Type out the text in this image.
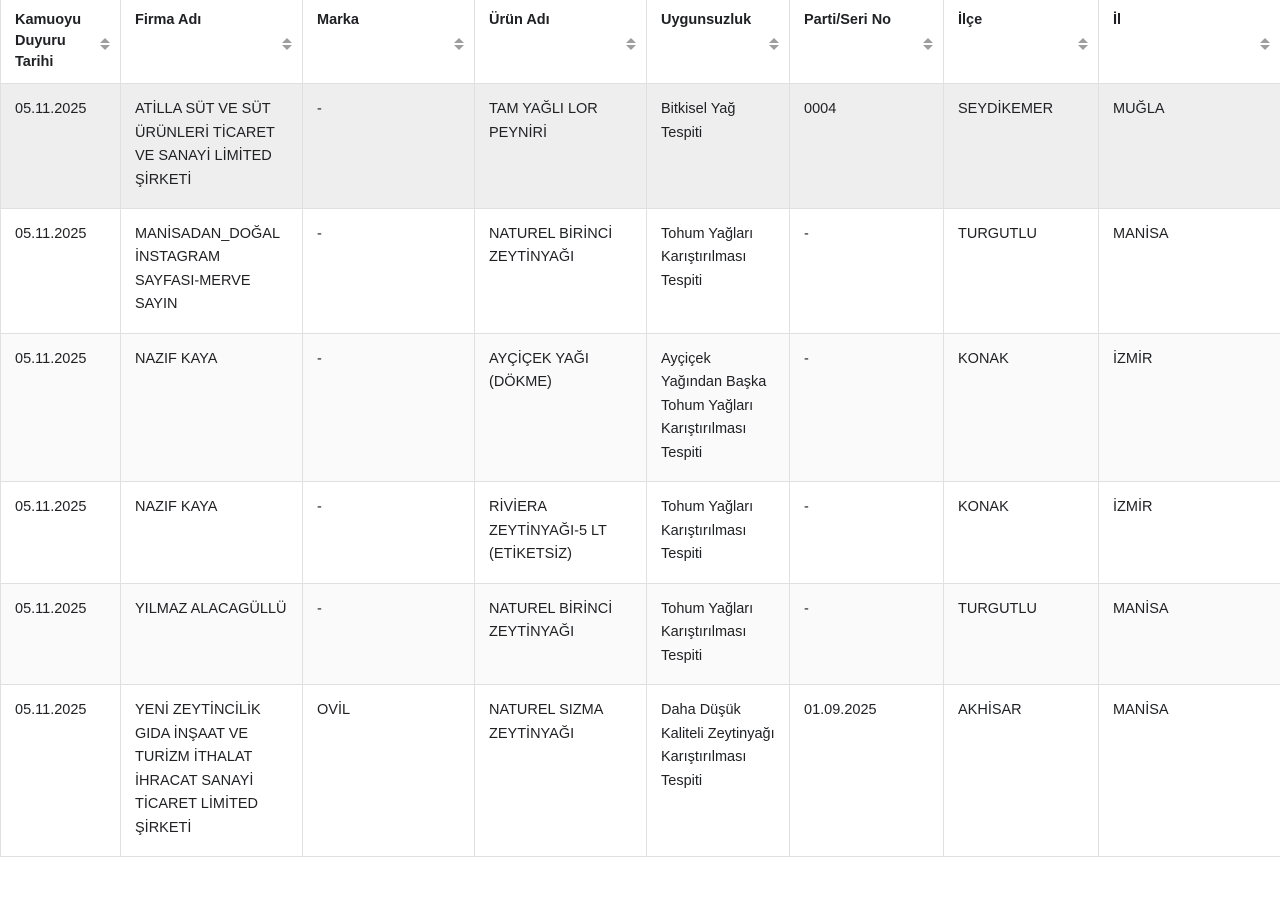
Kamuoyu Duyuru Tarihi	Firma Adı	Marka	Ürün Adı	Uygunsuzluk	Parti/Seri No	İlçe	İl

05.11.2025	ATİLLA SÜT VE SÜT ÜRÜNLERİ TİCARET VE SANAYİ LİMİTED ŞİRKETİ	-	TAM YAĞLI LOR PEYNİRİ	Bitkisel Yağ Tespiti	0004	SEYDİKEMER	MUĞLA
05.11.2025	MANİSADAN_DOĞAL İNSTAGRAM SAYFASI-MERVE SAYIN	-	NATUREL BİRİNCİ ZEYTİNYAĞI	Tohum Yağları Karıştırılması Tespiti	-	TURGUTLU	MANİSA
05.11.2025	NAZIF KAYA	-	AYÇİÇEK YAĞI (DÖKME)	Ayçiçek Yağından Başka Tohum Yağları Karıştırılması Tespiti	-	KONAK	İZMİR
05.11.2025	NAZIF KAYA	-	RİVİERA ZEYTİNYAĞI-5 LT (ETİKETSİZ)	Tohum Yağları Karıştırılması Tespiti	-	KONAK	İZMİR
05.11.2025	YILMAZ ALACAGÜLLÜ	-	NATUREL BİRİNCİ ZEYTİNYAĞI	Tohum Yağları Karıştırılması Tespiti	-	TURGUTLU	MANİSA
05.11.2025	YENİ ZEYTİNCİLİK GIDA İNŞAAT VE TURİZM İTHALAT İHRACAT SANAYİ TİCARET LİMİTED ŞİRKETİ	OVİL	NATUREL SIZMA ZEYTİNYAĞI	Daha Düşük Kaliteli Zeytinyağı Karıştırılması Tespiti	01.09.2025	AKHİSAR	MANİSA
